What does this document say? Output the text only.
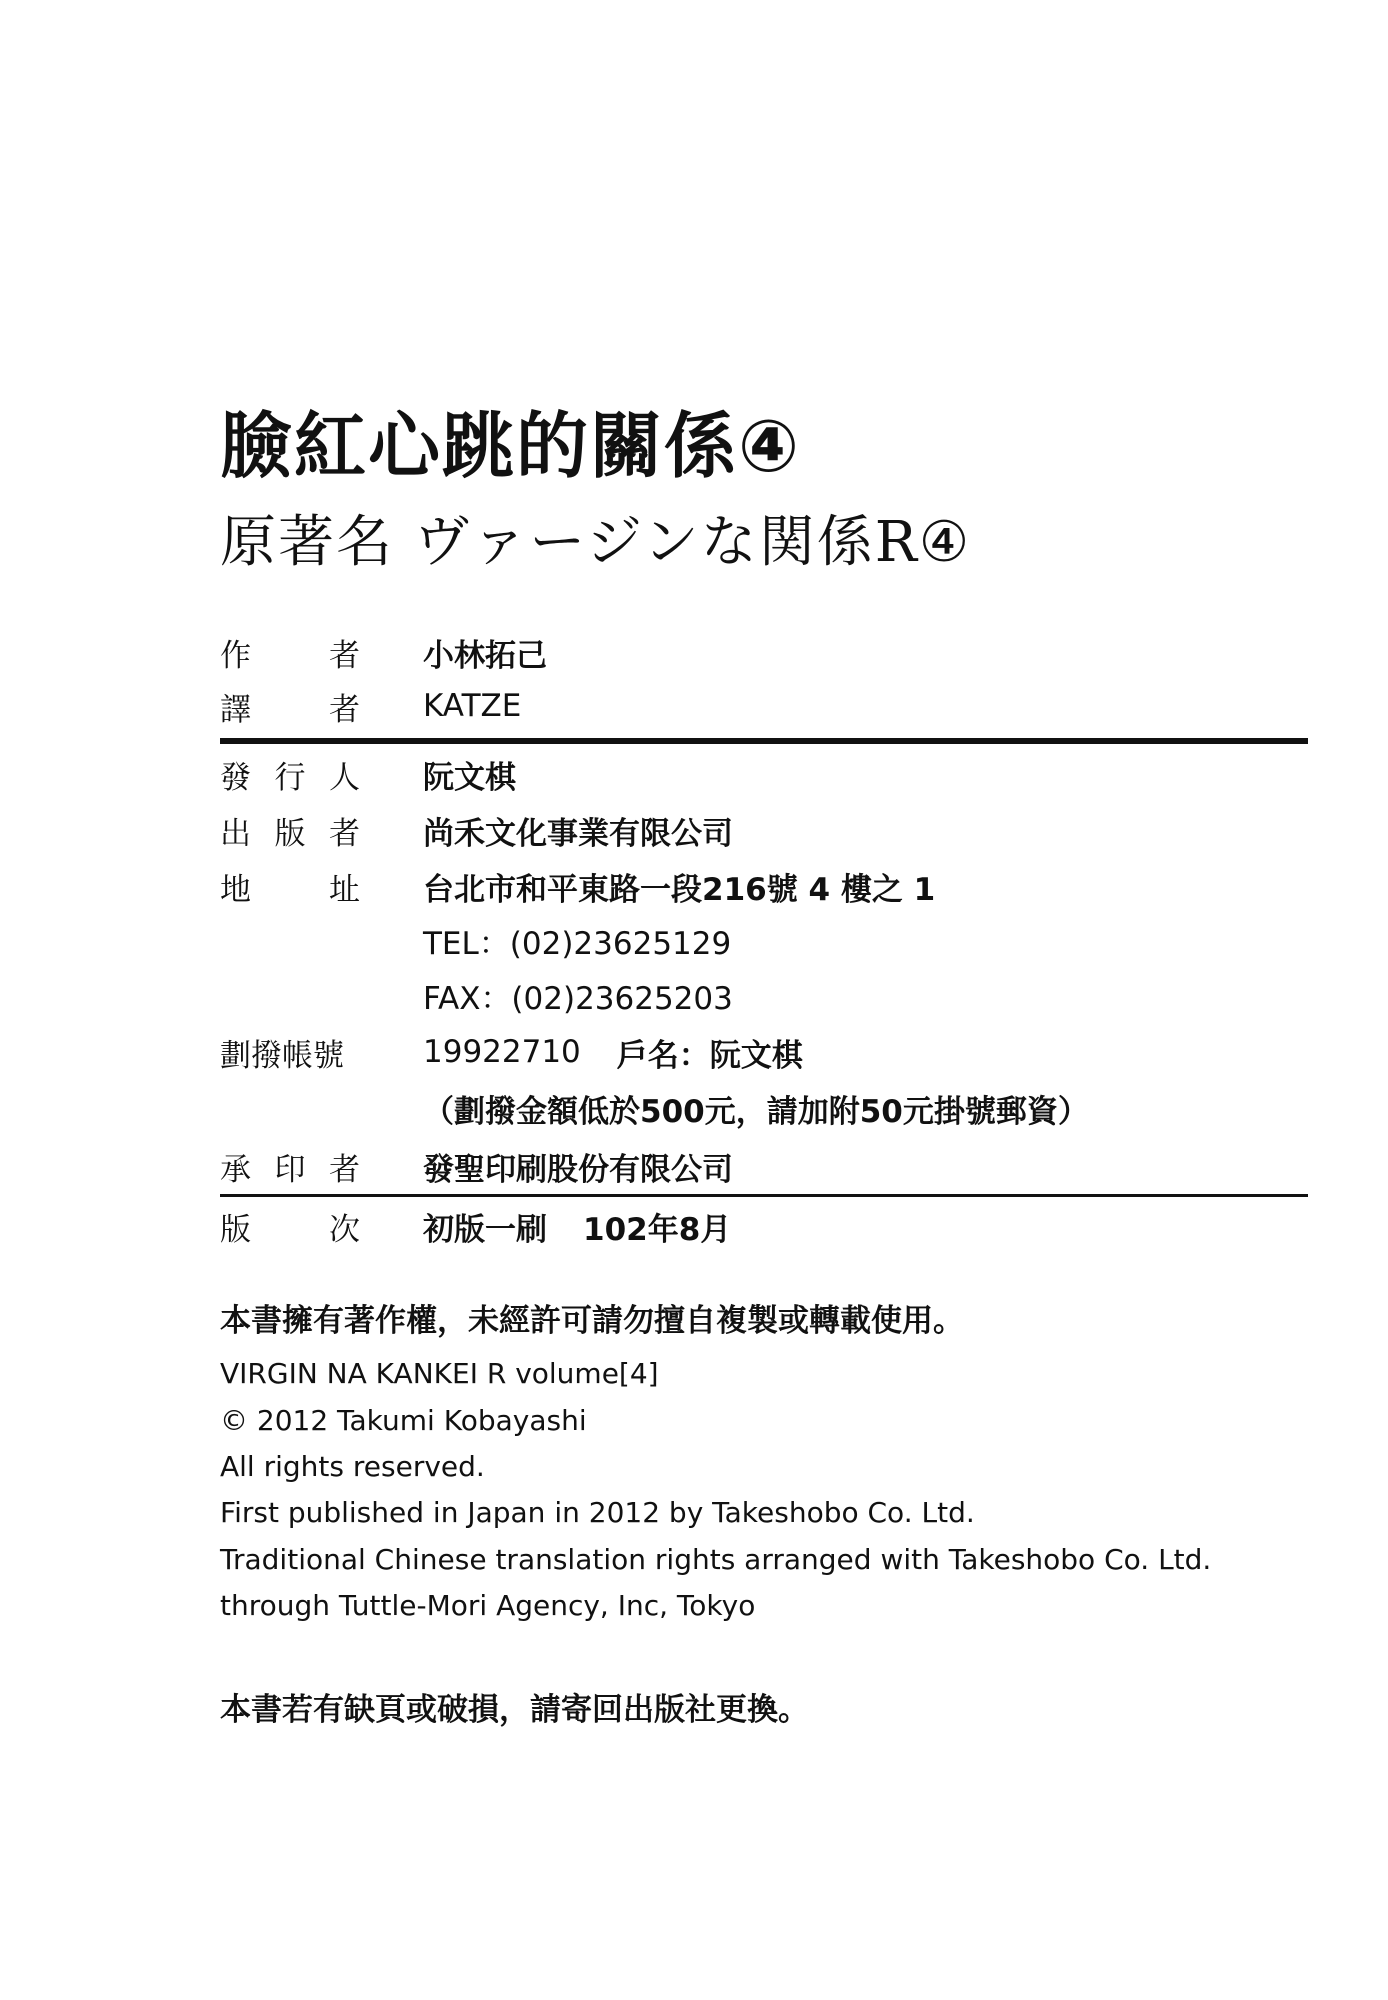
臉紅心跳的關係④
原著名 ヴァージンな関係R④
作	者 小林拓己
譯	者 KATZE
發 行 人 阮文棋
出 版 者 尚禾文化事業有限公司
地	址 台北市和平東路一段216號 4 樓之 1
TEL：(02)23625129
FAX：(02)23625203
劃撥帳號	19922710 戶名：阮文棋
（劃撥金額低於500元，請加附50元掛號郵資）
承 印 者 發聖印刷股份有限公司
版	次 初版一刷 102年8月
本書擁有著作權，未經許可請勿擅自複製或轉載使用。
VIRGIN NA KANKEI R volume[4]
© 2012 Takumi Kobayashi
All rights reserved.
First published in Japan in 2012 by Takeshobo Co. Ltd.
Traditional Chinese translation rights arranged with Takeshobo Co. Ltd.
through Tuttle-Mori Agency, Inc, Tokyo
本書若有缺頁或破損，請寄回出版社更換。
